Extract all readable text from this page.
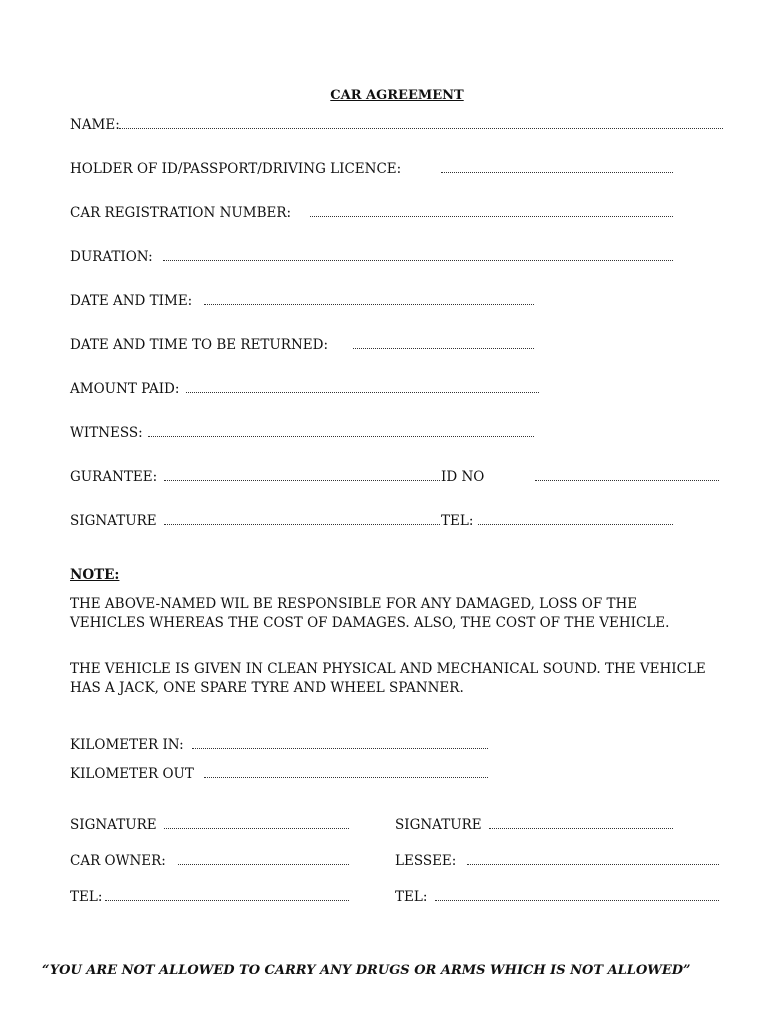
CAR AGREEMENT
NAME:
HOLDER OF ID/PASSPORT/DRIVING LICENCE:
CAR REGISTRATION NUMBER:
DURATION:
DATE AND TIME:
DATE AND TIME TO BE RETURNED:
AMOUNT PAID:
WITNESS:
GURANTEE:	ID NO
SIGNATURE	TEL:
NOTE:
THE ABOVE-NAMED WIL BE RESPONSIBLE FOR ANY DAMAGED, LOSS OF THE VEHICLES WHEREAS THE COST OF DAMAGES. ALSO, THE COST OF THE VEHICLE.
THE VEHICLE IS GIVEN IN CLEAN PHYSICAL AND MECHANICAL SOUND. THE VEHICLE HAS A JACK, ONE SPARE TYRE AND WHEEL SPANNER.
KILOMETER IN:
KILOMETER OUT
SIGNATURE
CAR OWNER:
TEL:
SIGNATURE
LESSEE:
TEL:
“YOU ARE NOT ALLOWED TO CARRY ANY DRUGS OR ARMS WHICH IS NOT ALLOWED”
